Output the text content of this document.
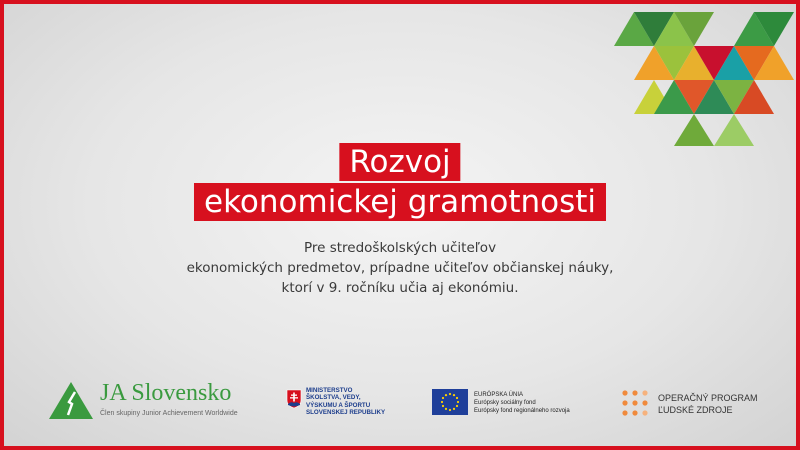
Rozvoj
ekonomickej gramotnosti
Pre stredoškolských učiteľov
ekonomických predmetov, prípadne učiteľov občianskej náuky,
ktorí v 9. ročníku učia aj ekonómiu.
JA Slovensko
Člen skupiny Junior Achievement Worldwide
MINISTERSTVO
ŠKOLSTVA, VEDY,
VÝSKUMU A ŠPORTU
SLOVENSKEJ REPUBLIKY
EURÓPSKA ÚNIA
Európsky sociálny fond
Európsky fond regionálneho rozvoja
OPERAČNÝ PROGRAM
ĽUDSKÉ ZDROJE
